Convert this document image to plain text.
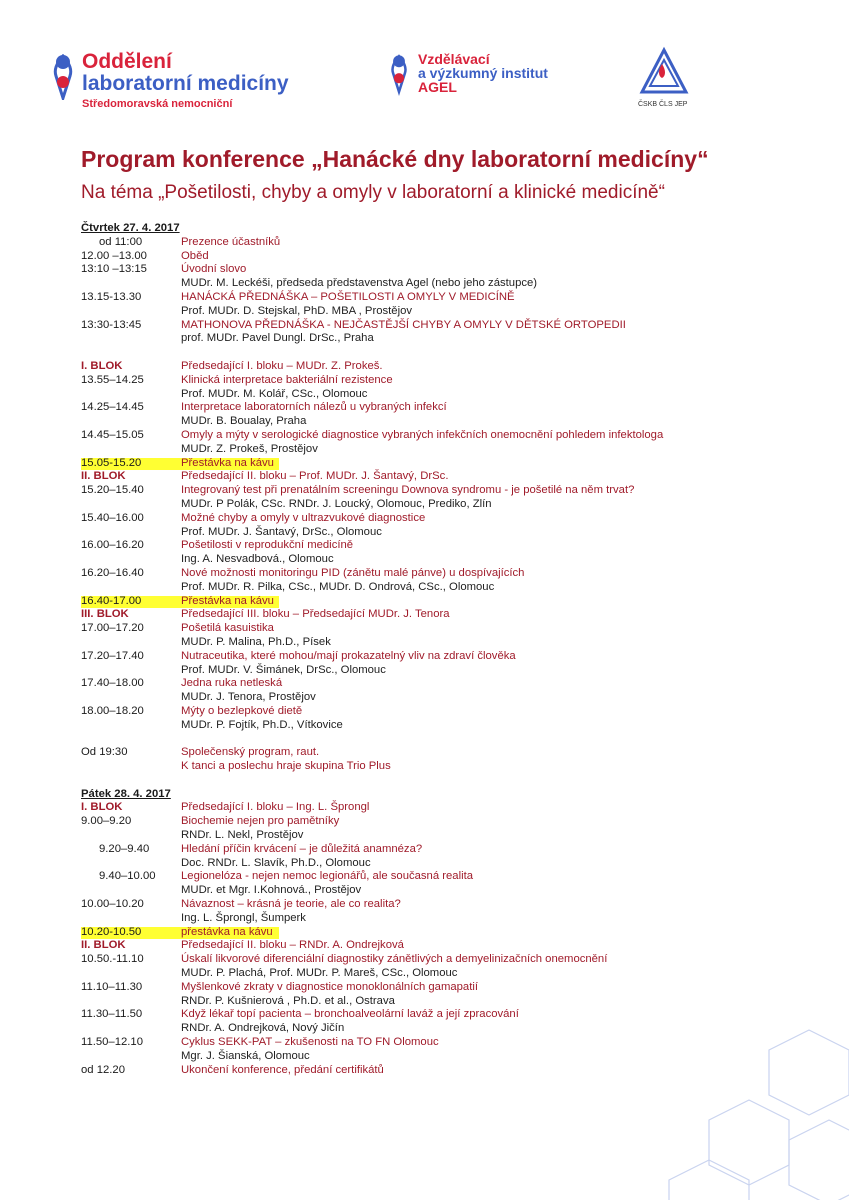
Oddělení
laboratorní medicíny
Středomoravská nemocniční
Vzdělávací
a výzkumný institut
AGEL
ČSKB ČLS JEP
Program konference „Hanácké dny laboratorní medicíny“
Na téma „Pošetilosti, chyby a omyly v laboratorní a klinické medicíně“
Čtvrtek 27. 4. 2017
od 11:00	Prezence účastníků
12.00 –13.00	Oběd
13:10 –13:15	Úvodní slovo
MUDr. M. Leckéši, předseda představenstva Agel (nebo jeho zástupce)
13.15-13.30	HANÁCKÁ PŘEDNÁŠKA – POŠETILOSTI A OMYLY V MEDICÍNĚ
Prof. MUDr. D. Stejskal, PhD. MBA , Prostějov
13:30-13:45	MATHONOVA PŘEDNÁŠKA - NEJČASTĚJŠÍ CHYBY A OMYLY V DĚTSKÉ ORTOPEDII
prof. MUDr. Pavel Dungl. DrSc., Praha
I. BLOK	Předsedající I. bloku – MUDr. Z. Prokeš.
13.55–14.25	Klinická interpretace bakteriální rezistence
Prof. MUDr. M. Kolář, CSc., Olomouc
14.25–14.45	Interpretace laboratorních nálezů u vybraných infekcí
MUDr. B. Boualay, Praha
14.45–15.05	Omyly a mýty v serologické diagnostice vybraných infekčních onemocnění pohledem infektologa
MUDr. Z. Prokeš, Prostějov
15.05-15.20	Přestávka na kávu
II. BLOK	Předsedající II. bloku – Prof. MUDr. J. Šantavý, DrSc.
15.20–15.40	Integrovaný test při prenatálním screeningu Downova syndromu - je pošetilé na něm trvat?
MUDr. P Polák, CSc. RNDr. J. Loucký, Olomouc, Prediko, Zlín
15.40–16.00	Možné chyby a omyly v ultrazvukové diagnostice
Prof. MUDr. J. Šantavý, DrSc., Olomouc
16.00–16.20	Pošetilosti v reprodukční medicíně
Ing. A. Nesvadbová., Olomouc
16.20–16.40	Nové možnosti monitoringu PID (zánětu malé pánve) u dospívajících
Prof. MUDr. R. Pilka, CSc., MUDr. D. Ondrová, CSc., Olomouc
16.40-17.00	Přestávka na kávu
III. BLOK	Předsedající III. bloku – Předsedající MUDr. J. Tenora
17.00–17.20	Pošetilá kasuistika
MUDr. P. Malina, Ph.D., Písek
17.20–17.40	Nutraceutika, které mohou/mají prokazatelný vliv na zdraví člověka
Prof. MUDr. V. Šimánek, DrSc., Olomouc
17.40–18.00	Jedna ruka netleská
MUDr. J. Tenora, Prostějov
18.00–18.20	Mýty o bezlepkové dietě
MUDr. P. Fojtík, Ph.D., Vítkovice
Od 19:30	Společenský program, raut.
K tanci a poslechu hraje skupina Trio Plus
Pátek 28. 4. 2017
I. BLOK	Předsedající I. bloku – Ing. L. Šprongl
9.00–9.20	Biochemie nejen pro pamětníky
RNDr. L. Nekl, Prostějov
9.20–9.40	Hledání příčin krvácení – je důležitá anamnéza?
Doc. RNDr. L. Slavík, Ph.D., Olomouc
9.40–10.00 Legionelóza - nejen nemoc legionářů, ale současná realita
MUDr. et Mgr. I.Kohnová., Prostějov
10.00–10.20	Návaznost – krásná je teorie, ale co realita?
Ing. L. Šprongl, Šumperk
10.20-10.50	přestávka na kávu
II. BLOK	Předsedající II. bloku – RNDr. A. Ondrejková
10.50.-11.10	Úskalí likvorové diferenciální diagnostiky zánětlivých a demyelinizačních onemocnění
MUDr. P. Plachá, Prof. MUDr. P. Mareš, CSc., Olomouc
11.10–11.30	Myšlenkové zkraty v diagnostice monoklonálních gamapatií
RNDr. P. Kušnierová , Ph.D. et al., Ostrava
11.30–11.50	Když lékař topí pacienta – bronchoalveolární laváž a její zpracování
RNDr. A. Ondrejková, Nový Jičín
11.50–12.10	Cyklus SEKK-PAT – zkušenosti na TO FN Olomouc
Mgr. J. Šianská, Olomouc
od 12.20	Ukončení konference, předání certifikátů
